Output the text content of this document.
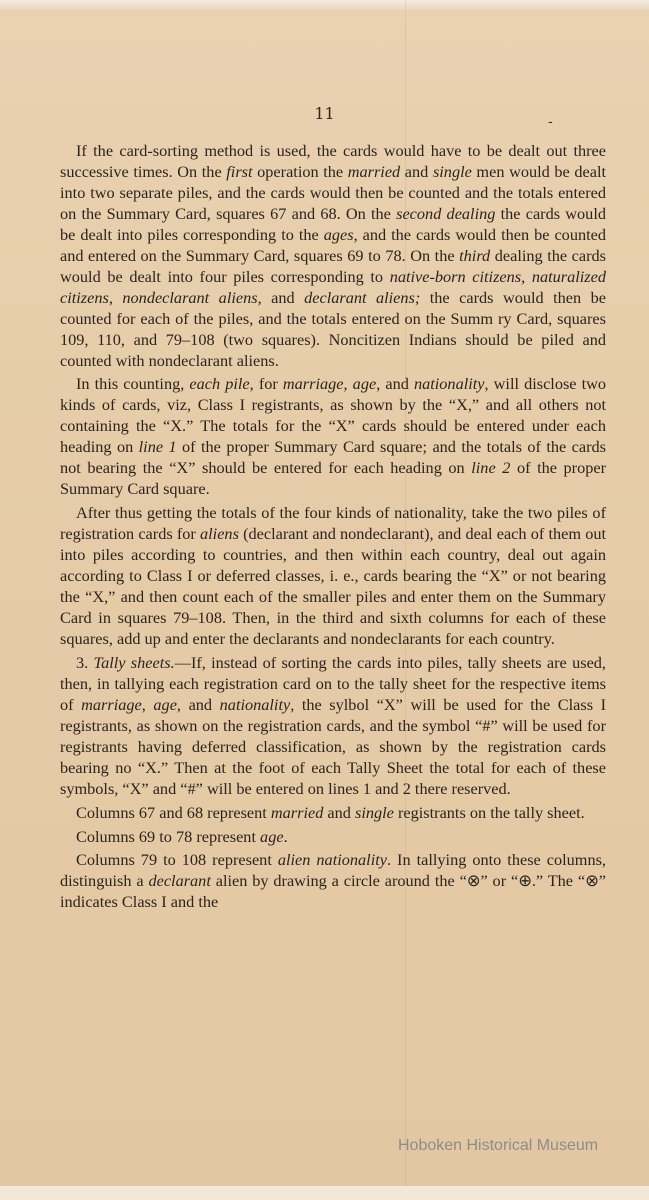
11	-

If the card-sorting method is used, the cards would have to be dealt out three successive times. On the first operation the married and single men would be dealt into two separate piles, and the cards would then be counted and the totals entered on the Summary Card, squares 67 and 68. On the second dealing the cards would be dealt into piles corresponding to the ages, and the cards would then be counted and entered on the Summary Card, squares 69 to 78. On the third dealing the cards would be dealt into four piles corresponding to native-born citizens, naturalized citizens, nondeclarant aliens, and declarant aliens; the cards would then be counted for each of the piles, and the totals entered on the Summ ry Card, squares 109, 110, and 79–108 (two squares). Noncitizen Indians should be piled and counted with nondeclarant aliens.

In this counting, each pile, for marriage, age, and nationality, will disclose two kinds of cards, viz, Class I registrants, as shown by the “X,” and all others not containing the “X.” The totals for the “X” cards should be entered under each heading on line 1 of the proper Summary Card square; and the totals of the cards not bearing the “X” should be entered for each heading on line 2 of the proper Summary Card square.

After thus getting the totals of the four kinds of nationality, take the two piles of registration cards for aliens (declarant and nondeclarant), and deal each of them out into piles according to countries, and then within each country, deal out again according to Class I or deferred classes, i. e., cards bearing the “X” or not bearing the “X,” and then count each of the smaller piles and enter them on the Summary Card in squares 79–108. Then, in the third and sixth columns for each of these squares, add up and enter the declarants and nondeclarants for each country.

3. Tally sheets.—If, instead of sorting the cards into piles, tally sheets are used, then, in tallying each registration card on to the tally sheet for the respective items of marriage, age, and nationality, the sylbol “X” will be used for the Class I registrants, as shown on the registration cards, and the symbol “#” will be used for registrants having deferred classification, as shown by the registration cards bearing no “X.” Then at the foot of each Tally Sheet the total for each of these symbols, “X” and “#” will be entered on lines 1 and 2 there reserved.

Columns 67 and 68 represent married and single registrants on the tally sheet.

Columns 69 to 78 represent age.

Columns 79 to 108 represent alien nationality. In tallying onto these columns, distinguish a declarant alien by drawing a circle around the “⊗” or “⊕.” The “⊗” indicates Class I and the

Hoboken Historical Museum
